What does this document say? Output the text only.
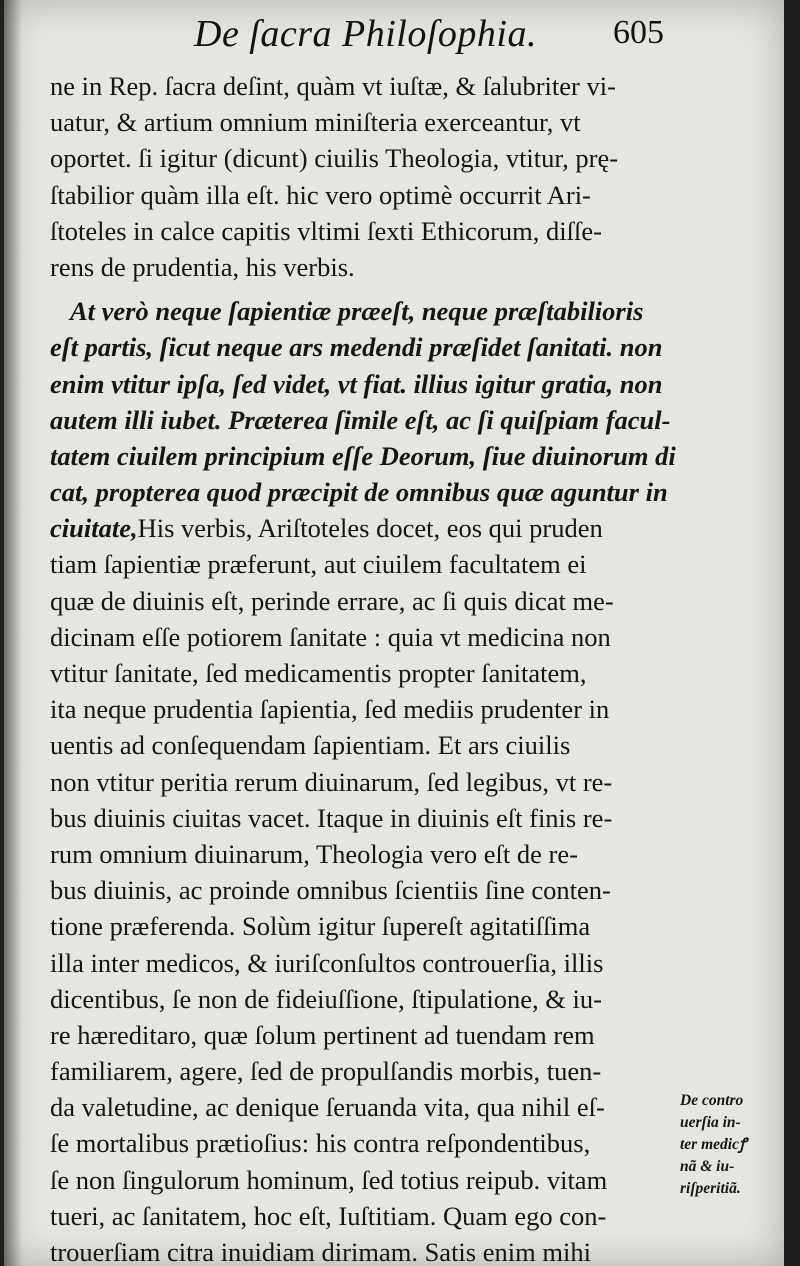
De ſacra Philoſophia. 605
ne in Rep. ſacra deſint, quàm vt iuſtæ, & ſalubriter vi-
uatur, & artium omnium miniſteria exerceantur, vt
oportet. ſi igitur (dicunt) ciuilis Theologia, vtitur, prę-
ſtabilior quàm illa eſt. hic vero optimè occurrit Ari-
ſtoteles in calce capitis vltimi ſexti Ethicorum, diſſe-
rens de prudentia, his verbis.
At verò neque ſapientiæ præeſt, neque præſtabilioris
eſt partis, ſicut neque ars medendi præſidet ſanitati. non
enim vtitur ipſa, ſed videt, vt fiat. illius igitur gratia, non
autem illi iubet. Præterea ſimile eſt, ac ſi quiſpiam facul-
tatem ciuilem principium eſſe Deorum, ſiue diuinorum di
cat, propterea quod præcipit de omnibus quæ aguntur in
ciuitate,His verbis, Ariſtoteles docet, eos qui pruden
tiam ſapientiæ præferunt, aut ciuilem facultatem ei
quæ de diuinis eſt, perinde errare, ac ſi quis dicat me-
dicinam eſſe potiorem ſanitate : quia vt medicina non
vtitur ſanitate, ſed medicamentis propter ſanitatem,
ita neque prudentia ſapientia, ſed mediis prudenter in
uentis ad conſequendam ſapientiam. Et ars ciuilis
non vtitur peritia rerum diuinarum, ſed legibus, vt re-
bus diuinis ciuitas vacet. Itaque in diuinis eſt finis re-
rum omnium diuinarum, Theologia vero eſt de re-
bus diuinis, ac proinde omnibus ſcientiis ſine conten-
tione præferenda. Solùm igitur ſupereſt agitatiſſima
illa inter medicos, & iuriſconſultos controuerſia, illis
dicentibus, ſe non de fideiuſſione, ſtipulatione, & iu-
re hæreditaro, quæ ſolum pertinent ad tuendam rem
familiarem, agere, ſed de propulſandis morbis, tuen-
da valetudine, ac denique ſeruanda vita, qua nihil eſ-
ſe mortalibus prætioſius: his contra reſpondentibus,
ſe non ſingulorum hominum, ſed totius reipub. vitam
tueri, ac ſanitatem, hoc eſt, Iuſtitiam. Quam ego con-
trouerſiam citra inuidiam dirimam. Satis enim mihi
De contro
uerſia in-
ter medicꝭ
nã & iu-
riſperitiã.
